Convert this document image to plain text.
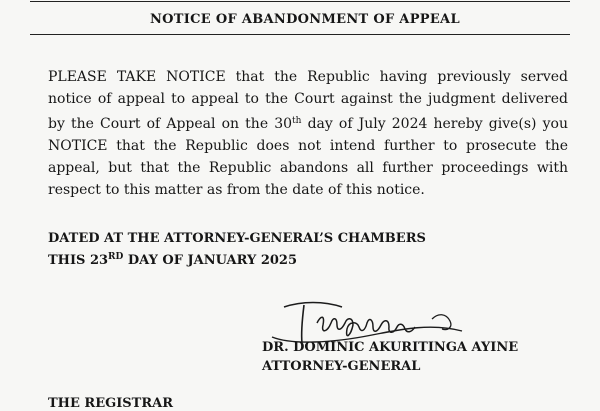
NOTICE OF ABANDONMENT OF APPEAL
PLEASE TAKE NOTICE that the Republic having previously served
notice of appeal to appeal to the Court against the judgment delivered
by the Court of Appeal on the 30th day of July 2024 hereby give(s) you
NOTICE that the Republic does not intend further to prosecute the
appeal, but that the Republic abandons all further proceedings with
respect to this matter as from the date of this notice.
DATED AT THE ATTORNEY-GENERAL’S CHAMBERS
THIS 23RD DAY OF JANUARY 2025
DR. DOMINIC AKURITINGA AYINE
ATTORNEY-GENERAL
THE REGISTRAR
